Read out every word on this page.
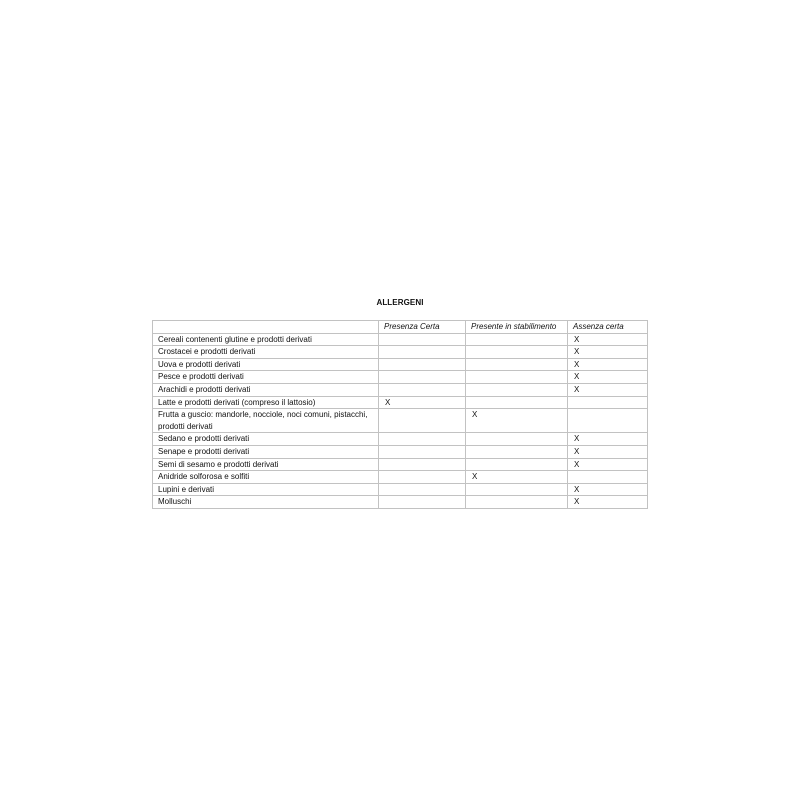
ALLERGENI
	Presenza Certa	Presente in stabilimento	Assenza certa
Cereali contenenti glutine e prodotti derivati			X
Crostacei e prodotti derivati			X
Uova e prodotti derivati			X
Pesce e prodotti derivati			X
Arachidi e prodotti derivati			X
Latte e prodotti derivati (compreso il lattosio)	X		
Frutta a guscio: mandorle, nocciole, noci comuni, pistacchi, prodotti derivati		X	
Sedano e prodotti derivati			X
Senape e prodotti derivati			X
Semi di sesamo e prodotti derivati			X
Anidride solforosa e solfiti		X	
Lupini e derivati			X
Molluschi			X
